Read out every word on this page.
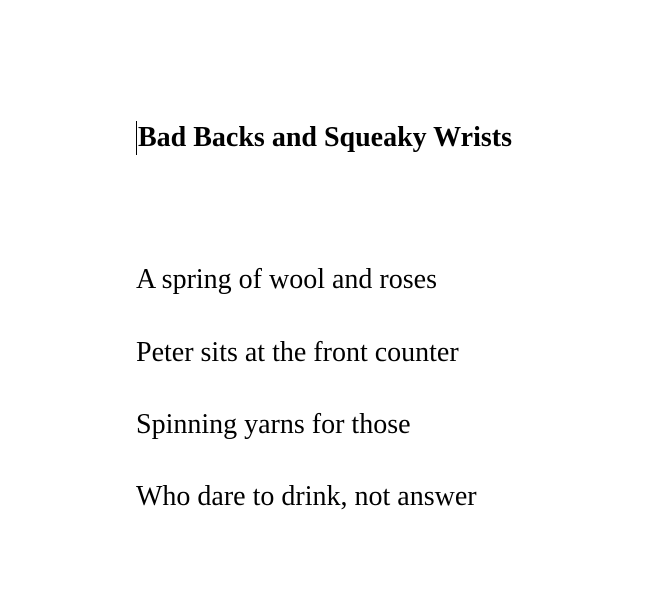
Bad Backs and Squeaky Wrists
A spring of wool and roses
Peter sits at the front counter
Spinning yarns for those
Who dare to drink, not answer
